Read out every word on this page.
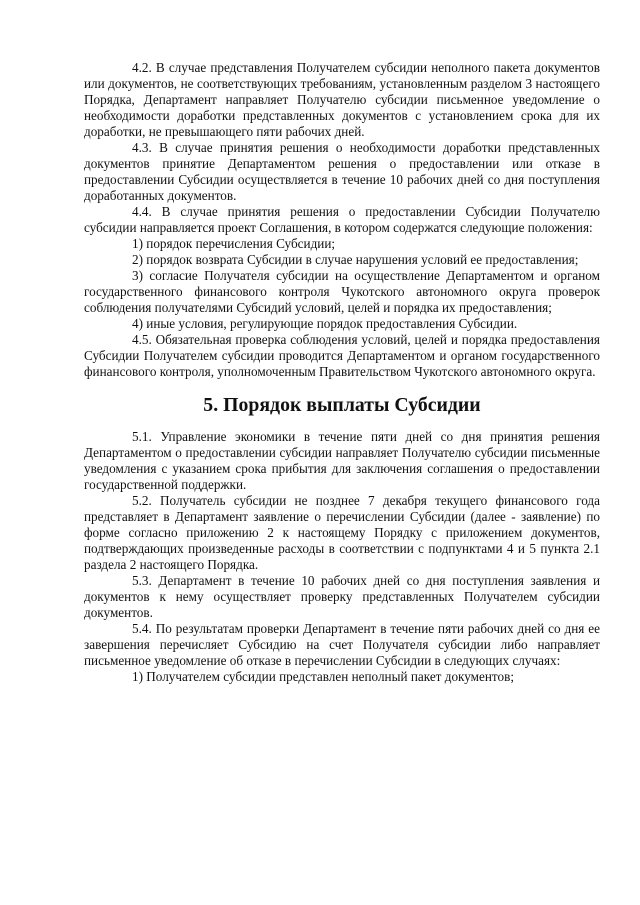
4.2. В случае представления Получателем субсидии неполного пакета документов или документов, не соответствующих требованиям, установленным разделом 3 настоящего Порядка, Департамент направляет Получателю субсидии письменное уведомление о необходимости доработки представленных документов с установлением срока для их доработки, не превышающего пяти рабочих дней.

4.3. В случае принятия решения о необходимости доработки представленных документов принятие Департаментом решения о предоставлении или отказе в предоставлении Субсидии осуществляется в течение 10 рабочих дней со дня поступления доработанных документов.

4.4. В случае принятия решения о предоставлении Субсидии Получателю субсидии направляется проект Соглашения, в котором содержатся следующие положения:

1) порядок перечисления Субсидии;

2) порядок возврата Субсидии в случае нарушения условий ее предоставления;

3) согласие Получателя субсидии на осуществление Департаментом и органом государственного финансового контроля Чукотского автономного округа проверок соблюдения получателями Субсидий условий, целей и порядка их предоставления;

4) иные условия, регулирующие порядок предоставления Субсидии.

4.5. Обязательная проверка соблюдения условий, целей и порядка предоставления Субсидии Получателем субсидии проводится Департаментом и органом государственного финансового контроля, уполномоченным Правительством Чукотского автономного округа.

5. Порядок выплаты Субсидии

5.1. Управление экономики в течение пяти дней со дня принятия решения Департаментом о предоставлении субсидии направляет Получателю субсидии письменные уведомления с указанием срока прибытия для заключения соглашения о предоставлении государственной поддержки.

5.2. Получатель субсидии не позднее 7 декабря текущего финансового года представляет в Департамент заявление о перечислении Субсидии (далее - заявление) по форме согласно приложению 2 к настоящему Порядку с приложением документов, подтверждающих произведенные расходы в соответствии с подпунктами 4 и 5 пункта 2.1 раздела 2 настоящего Порядка.

5.3. Департамент в течение 10 рабочих дней со дня поступления заявления и документов к нему осуществляет проверку представленных Получателем субсидии документов.

5.4. По результатам проверки Департамент в течение пяти рабочих дней со дня ее завершения перечисляет Субсидию на счет Получателя субсидии либо направляет письменное уведомление об отказе в перечислении Субсидии в следующих случаях:

1) Получателем субсидии представлен неполный пакет документов;
